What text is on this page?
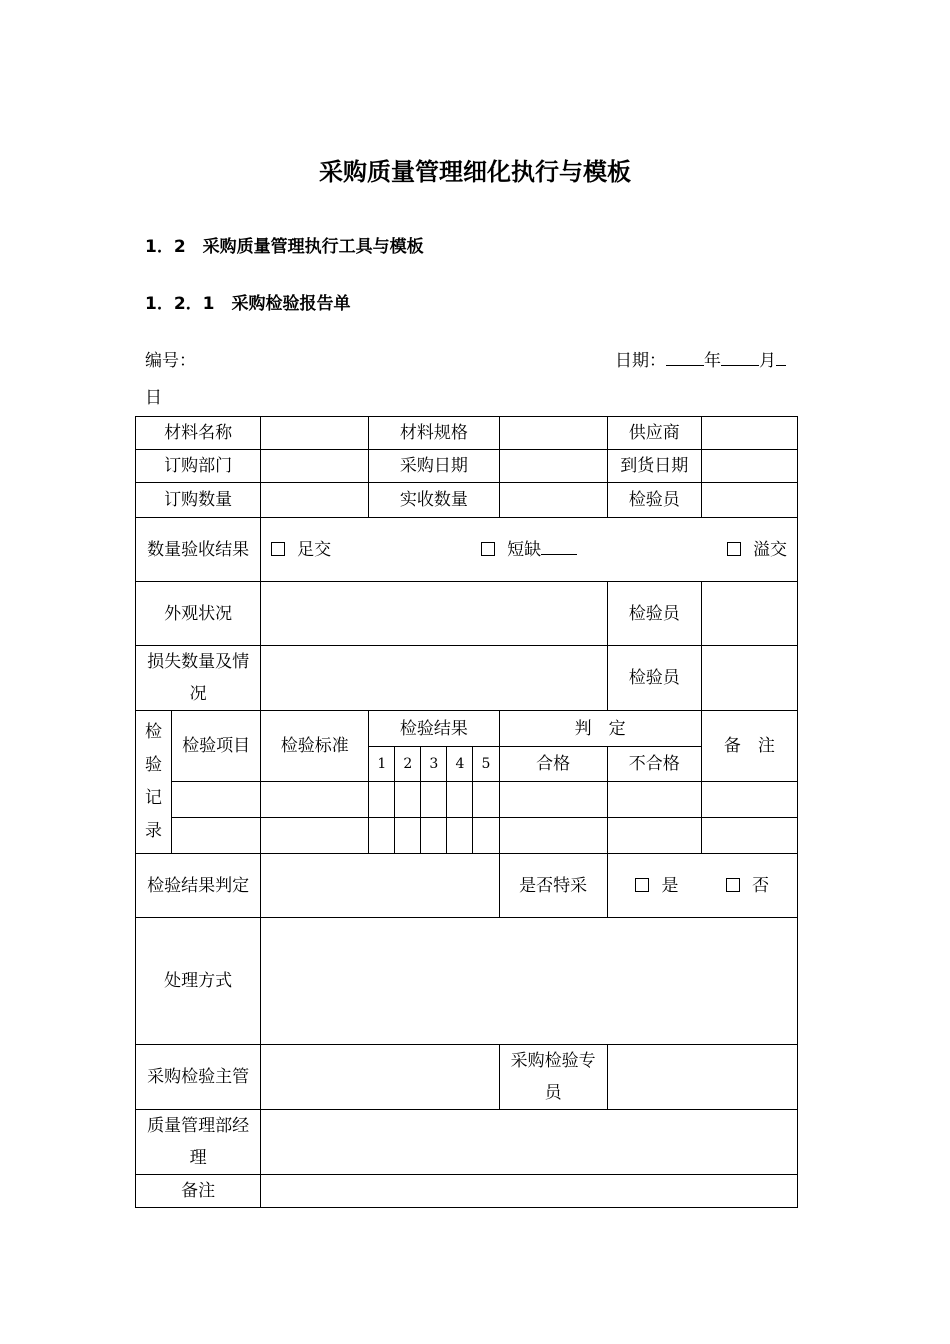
采购质量管理细化执行与模板
1．2　采购质量管理执行工具与模板
1．2．1　采购检验报告单
编号：	日期： 年 月
日
材料名称			材料规格						供应商	
订购部门			采购日期						到货日期	
订购数量			实收数量						检验员	
数量验收结果		足交 短缺 溢交								

外观状况									检验员	
损失数量及情况									检验员	
检验记录	检验项目	检验标准	检验结果					判　定		备　注
			1	2	3	4	5	合格	不合格	

检验结果判定								是否特采	是 否	

处理方式										
采购检验主管								采购检验专员		
质量管理部经理										
备注										
